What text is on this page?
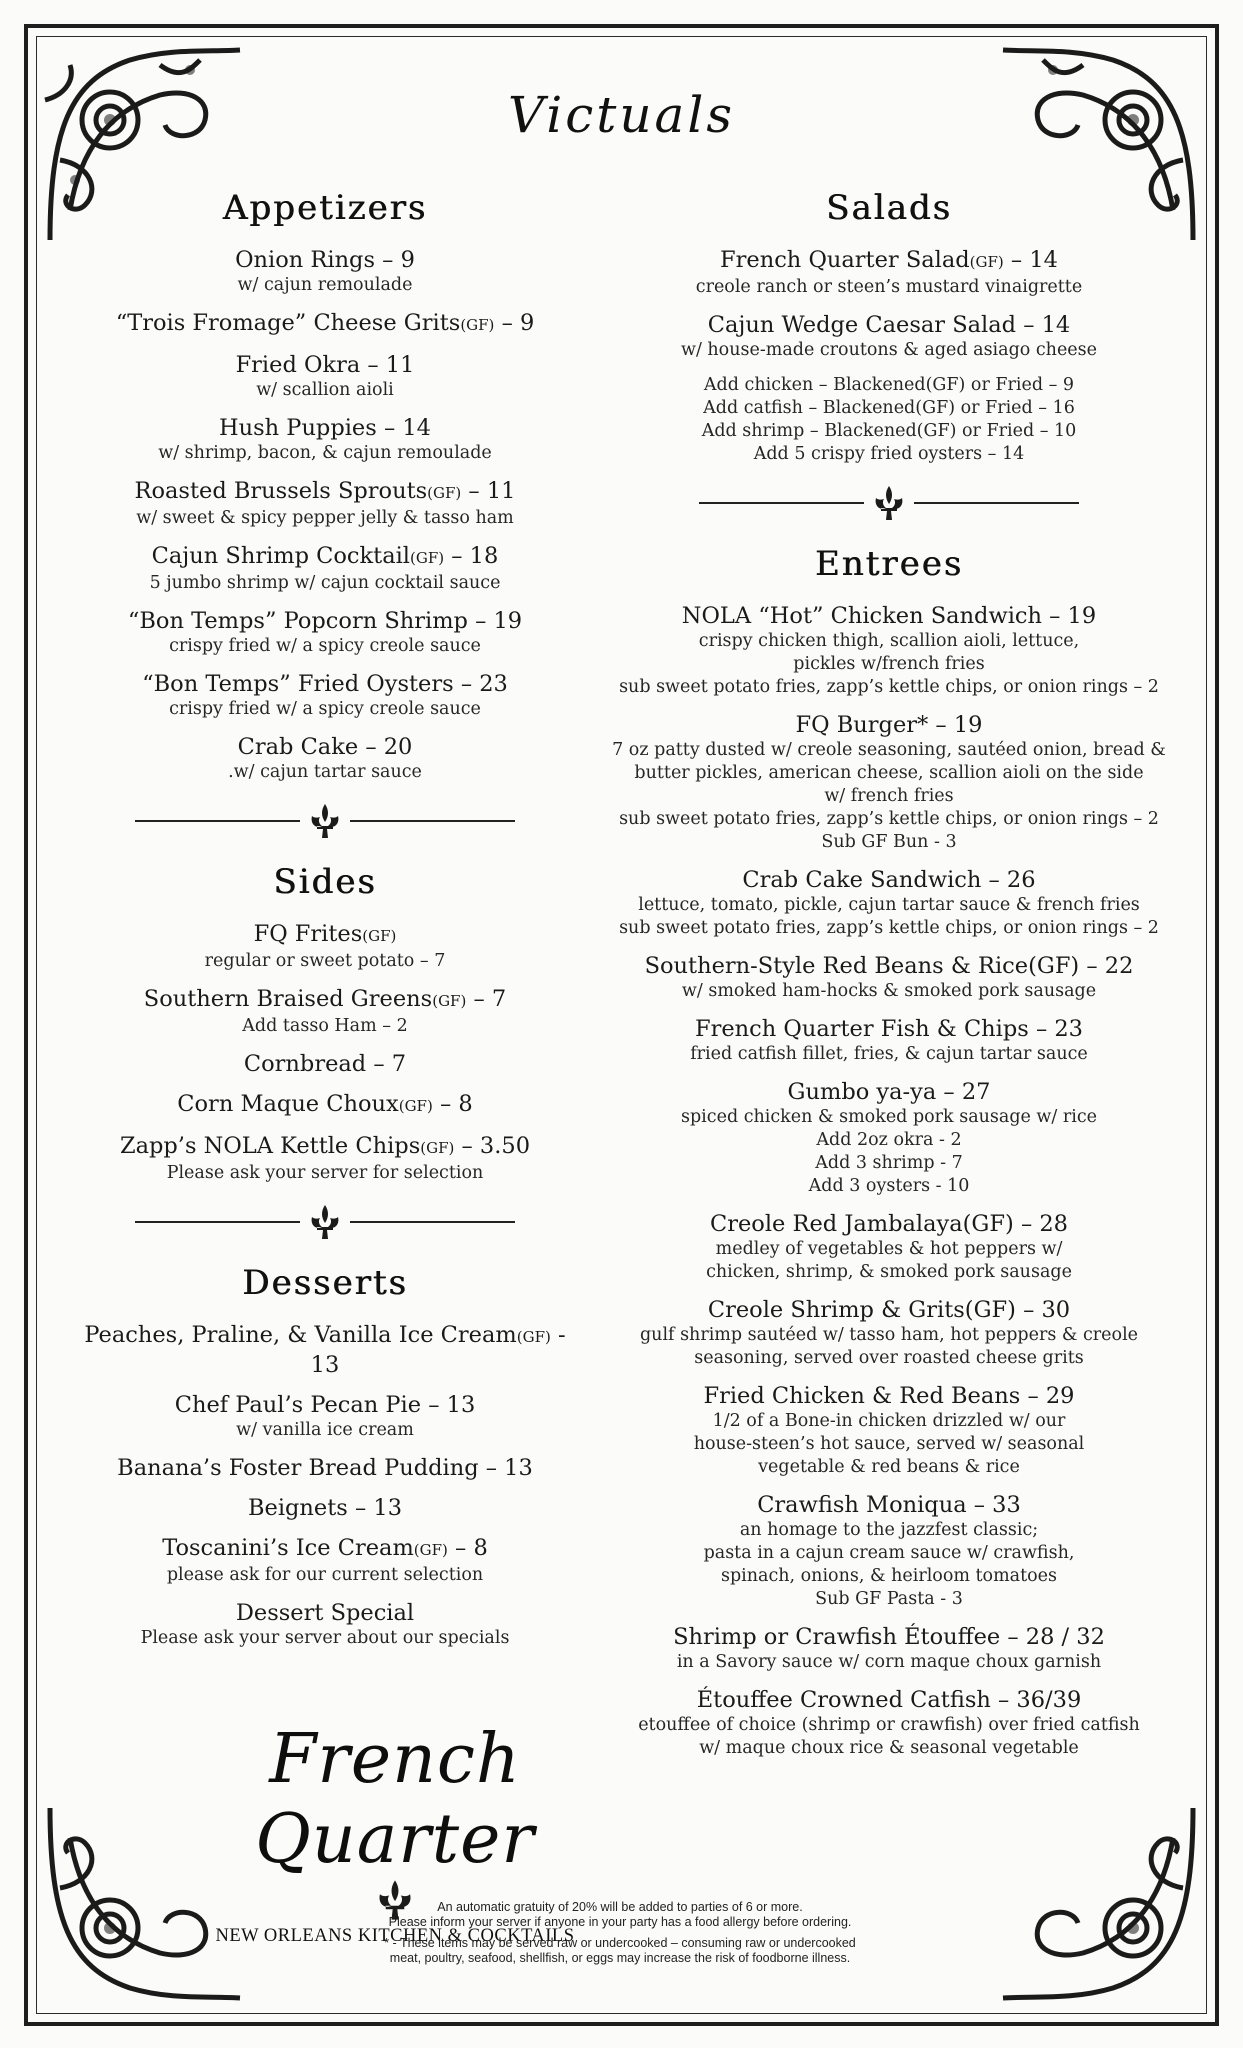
Victuals
Appetizers
Onion Rings – 9
w/ cajun remoulade
“Trois Fromage” Cheese Grits(GF) – 9
Fried Okra – 11
w/ scallion aioli
Hush Puppies – 14
w/ shrimp, bacon, & cajun remoulade
Roasted Brussels Sprouts(GF) – 11
w/ sweet & spicy pepper jelly & tasso ham
Cajun Shrimp Cocktail(GF) – 18
5 jumbo shrimp w/ cajun cocktail sauce
“Bon Temps” Popcorn Shrimp – 19
crispy fried w/ a spicy creole sauce
“Bon Temps” Fried Oysters – 23
crispy fried w/ a spicy creole sauce
Crab Cake – 20
.w/ cajun tartar sauce
Sides
FQ Frites(GF)
regular or sweet potato – 7
Southern Braised Greens(GF) – 7
Add tasso Ham – 2
Cornbread – 7
Corn Maque Choux(GF) – 8
Zapp’s NOLA Kettle Chips(GF) – 3.50
Please ask your server for selection
Desserts
Peaches, Praline, & Vanilla Ice Cream(GF) - 13
Chef Paul’s Pecan Pie – 13
w/ vanilla ice cream
Banana’s Foster Bread Pudding – 13
Beignets – 13
Toscanini’s Ice Cream(GF) – 8
please ask for our current selection
Dessert Special
Please ask your server about our specials
Salads
French Quarter Salad(GF) – 14
creole ranch or steen’s mustard vinaigrette
Cajun Wedge Caesar Salad – 14
w/ house-made croutons & aged asiago cheese
Add chicken – Blackened(GF) or Fried – 9
Add catfish – Blackened(GF) or Fried – 16
Add shrimp – Blackened(GF) or Fried – 10
Add 5 crispy fried oysters – 14
Entrees
NOLA “Hot” Chicken Sandwich – 19
crispy chicken thigh, scallion aioli, lettuce,
pickles w/french fries
sub sweet potato fries, zapp’s kettle chips, or onion rings – 2
FQ Burger* – 19
7 oz patty dusted w/ creole seasoning, sautéed onion, bread &
butter pickles, american cheese, scallion aioli on the side
w/ french fries
sub sweet potato fries, zapp’s kettle chips, or onion rings – 2
Sub GF Bun - 3
Crab Cake Sandwich – 26
lettuce, tomato, pickle, cajun tartar sauce & french fries
sub sweet potato fries, zapp’s kettle chips, or onion rings – 2
Southern-Style Red Beans & Rice(GF) – 22
w/ smoked ham-hocks & smoked pork sausage
French Quarter Fish & Chips – 23
fried catfish fillet, fries, & cajun tartar sauce
Gumbo ya-ya – 27
spiced chicken & smoked pork sausage w/ rice
Add 2oz okra - 2
Add 3 shrimp - 7
Add 3 oysters - 10
Creole Red Jambalaya(GF) – 28
medley of vegetables & hot peppers w/
chicken, shrimp, & smoked pork sausage
Creole Shrimp & Grits(GF) – 30
gulf shrimp sautéed w/ tasso ham, hot peppers & creole
seasoning, served over roasted cheese grits
Fried Chicken & Red Beans – 29
1/2 of a Bone-in chicken drizzled w/ our
house-steen’s hot sauce, served w/ seasonal
vegetable & red beans & rice
Crawfish Moniqua – 33
an homage to the jazzfest classic;
pasta in a cajun cream sauce w/ crawfish,
spinach, onions, & heirloom tomatoes
Sub GF Pasta - 3
Shrimp or Crawfish Étouffee – 28 / 32
in a Savory sauce w/ corn maque choux garnish
Étouffee Crowned Catfish – 36/39
etouffee of choice (shrimp or crawfish) over fried catfish
w/ maque choux rice & seasonal vegetable
French Quarter
NEW ORLEANS KITCHEN & COCKTAILS

An automatic gratuity of 20% will be added to parties of 6 or more.
Please inform your server if anyone in your party has a food allergy before ordering.

* - These items may be served raw or undercooked – consuming raw or undercooked
meat, poultry, seafood, shellfish, or eggs may increase the risk of foodborne illness.
